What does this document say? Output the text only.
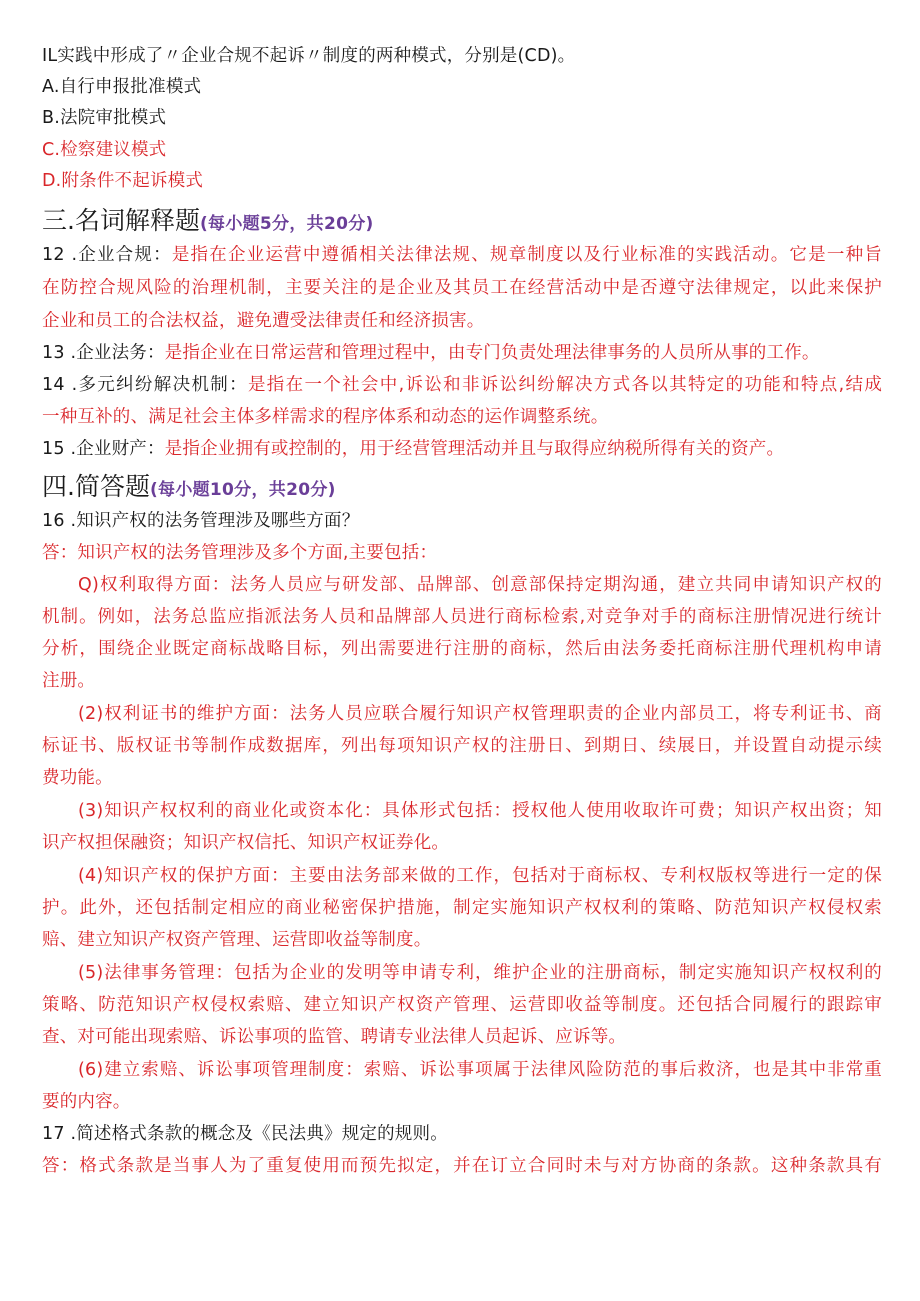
IL实践中形成了〃企业合规不起诉〃制度的两种模式，分别是(CD)。
A.自行申报批准模式
B.法院审批模式
C.检察建议模式
D.附条件不起诉模式
三.名词解释题(每小题5分，共20分)
12 .企业合规：是指在企业运营中遵循相关法律法规、规章制度以及行业标准的实践活动。它是一种旨
在防控合规风险的治理机制，主要关注的是企业及其员工在经营活动中是否遵守法律规定，以此来保护
企业和员工的合法权益，避免遭受法律责任和经济损害。
13 .企业法务：是指企业在日常运营和管理过程中，由专门负责处理法律事务的人员所从事的工作。
14 .多元纠纷解决机制：是指在一个社会中,诉讼和非诉讼纠纷解决方式各以其特定的功能和特点,结成
一种互补的、满足社会主体多样需求的程序体系和动态的运作调整系统。
15 .企业财产：是指企业拥有或控制的，用于经营管理活动并且与取得应纳税所得有关的资产。
四.简答题(每小题10分，共20分)
16 .知识产权的法务管理涉及哪些方面？
答：知识产权的法务管理涉及多个方面,主要包括：
Q)权利取得方面：法务人员应与研发部、品牌部、创意部保持定期沟通，建立共同申请知识产权的
机制。例如，法务总监应指派法务人员和品牌部人员进行商标检索,对竞争对手的商标注册情况进行统计
分析，围绕企业既定商标战略目标，列出需要进行注册的商标，然后由法务委托商标注册代理机构申请
注册。
(2)权利证书的维护方面：法务人员应联合履行知识产权管理职责的企业内部员工，将专利证书、商
标证书、版权证书等制作成数据库，列出每项知识产权的注册日、到期日、续展日，并设置自动提示续
费功能。
(3)知识产权权利的商业化或资本化：具体形式包括：授权他人使用收取许可费；知识产权出资；知
识产权担保融资；知识产权信托、知识产权证券化。
(4)知识产权的保护方面：主要由法务部来做的工作，包括对于商标权、专利权版权等进行一定的保
护。此外，还包括制定相应的商业秘密保护措施，制定实施知识产权权利的策略、防范知识产权侵权索
赔、建立知识产权资产管理、运营即收益等制度。
(5)法律事务管理：包括为企业的发明等申请专利，维护企业的注册商标，制定实施知识产权权利的
策略、防范知识产权侵权索赔、建立知识产权资产管理、运营即收益等制度。还包括合同履行的跟踪审
查、对可能出现索赔、诉讼事项的监管、聘请专业法律人员起诉、应诉等。
(6)建立索赔、诉讼事项管理制度：索赔、诉讼事项属于法律风险防范的事后救济，也是其中非常重
要的内容。
17 .简述格式条款的概念及《民法典》规定的规则。
答：格式条款是当事人为了重复使用而预先拟定，并在订立合同时未与对方协商的条款。这种条款具有
